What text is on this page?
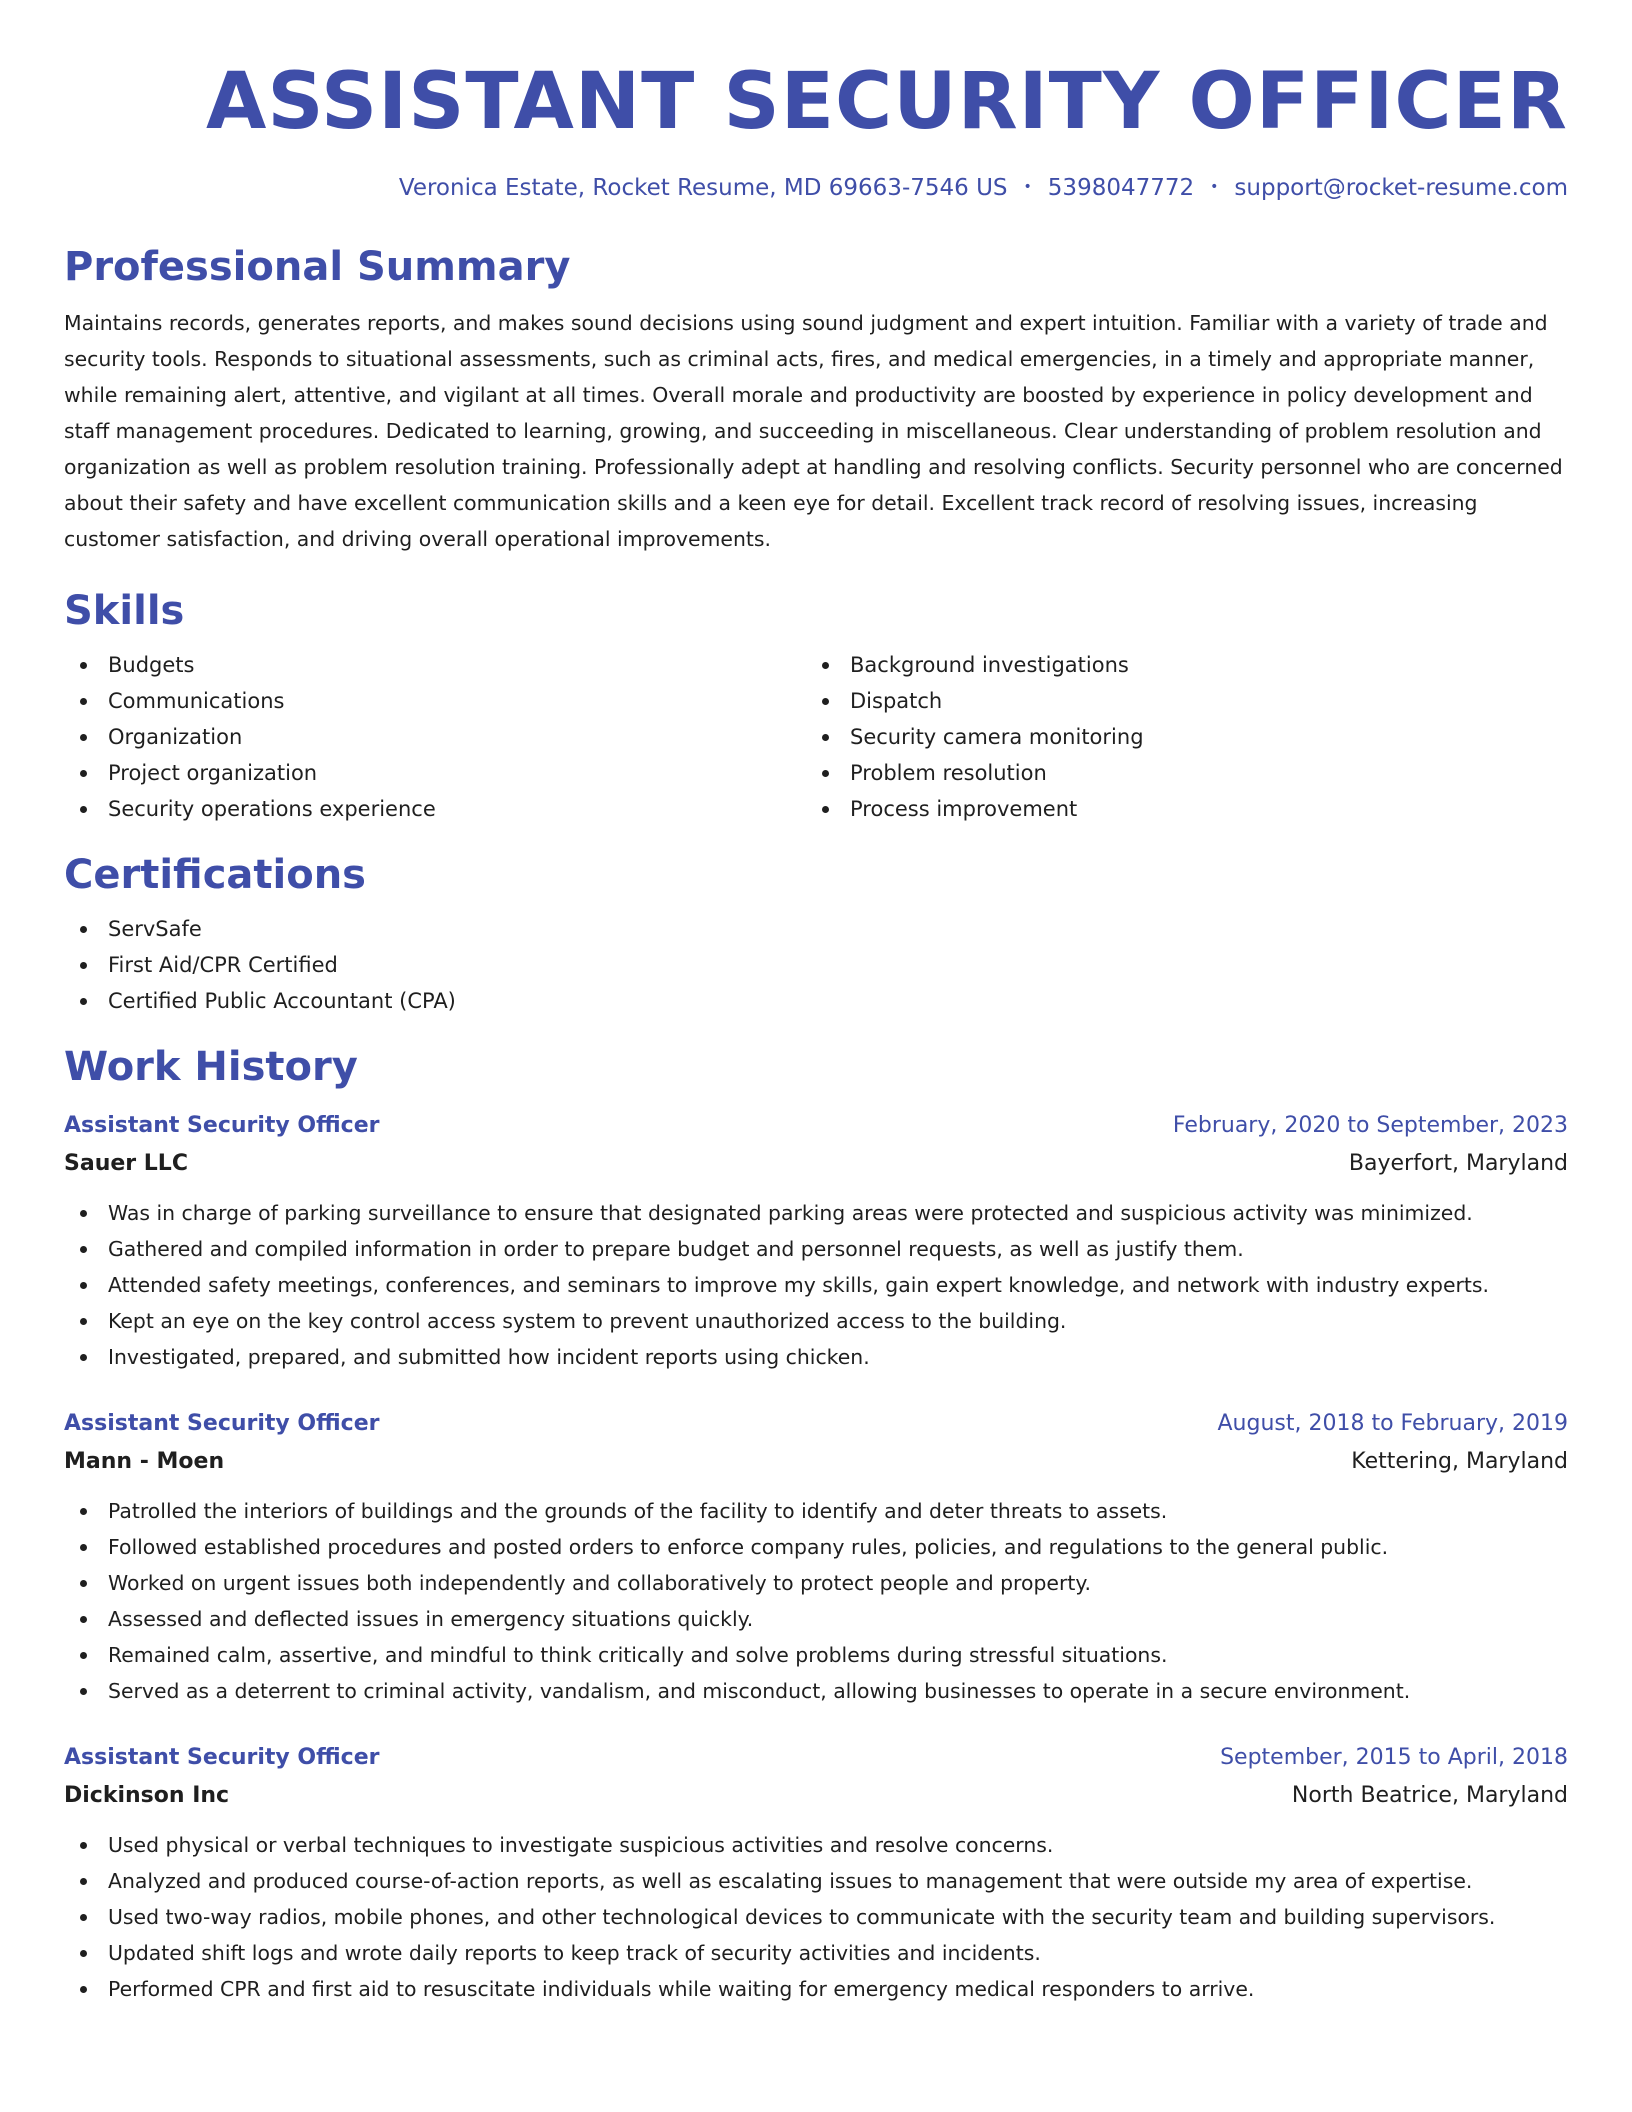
ASSISTANT SECURITY OFFICER
Veronica Estate, Rocket Resume, MD 69663-7546 US • 5398047772 • support@rocket-resume.com
Professional Summary

Maintains records, generates reports, and makes sound decisions using sound judgment and expert intuition. Familiar with a variety of trade and security tools. Responds to situational assessments, such as criminal acts, fires, and medical emergencies, in a timely and appropriate manner, while remaining alert, attentive, and vigilant at all times. Overall morale and productivity are boosted by experience in policy development and staff management procedures. Dedicated to learning, growing, and succeeding in miscellaneous. Clear understanding of problem resolution and organization as well as problem resolution training. Professionally adept at handling and resolving conflicts. Security personnel who are concerned about their safety and have excellent communication skills and a keen eye for detail. Excellent track record of resolving issues, increasing customer satisfaction, and driving overall operational improvements.

Skills
Budgets
Communications
Organization
Project organization
Security operations experience
Background investigations
Dispatch
Security camera monitoring
Problem resolution
Process improvement
Certifications
ServSafe
First Aid/CPR Certified
Certified Public Accountant (CPA)
Work History
Assistant Security Officer	February, 2020 to September, 2023
Sauer LLC	Bayerfort, Maryland
Was in charge of parking surveillance to ensure that designated parking areas were protected and suspicious activity was minimized.
Gathered and compiled information in order to prepare budget and personnel requests, as well as justify them.
Attended safety meetings, conferences, and seminars to improve my skills, gain expert knowledge, and network with industry experts.
Kept an eye on the key control access system to prevent unauthorized access to the building.
Investigated, prepared, and submitted how incident reports using chicken.
Assistant Security Officer	August, 2018 to February, 2019
Mann - Moen	Kettering, Maryland
Patrolled the interiors of buildings and the grounds of the facility to identify and deter threats to assets.
Followed established procedures and posted orders to enforce company rules, policies, and regulations to the general public.
Worked on urgent issues both independently and collaboratively to protect people and property.
Assessed and deflected issues in emergency situations quickly.
Remained calm, assertive, and mindful to think critically and solve problems during stressful situations.
Served as a deterrent to criminal activity, vandalism, and misconduct, allowing businesses to operate in a secure environment.
Assistant Security Officer	September, 2015 to April, 2018
Dickinson Inc	North Beatrice, Maryland
Used physical or verbal techniques to investigate suspicious activities and resolve concerns.
Analyzed and produced course-of-action reports, as well as escalating issues to management that were outside my area of expertise.
Used two-way radios, mobile phones, and other technological devices to communicate with the security team and building supervisors.
Updated shift logs and wrote daily reports to keep track of security activities and incidents.
Performed CPR and first aid to resuscitate individuals while waiting for emergency medical responders to arrive.
